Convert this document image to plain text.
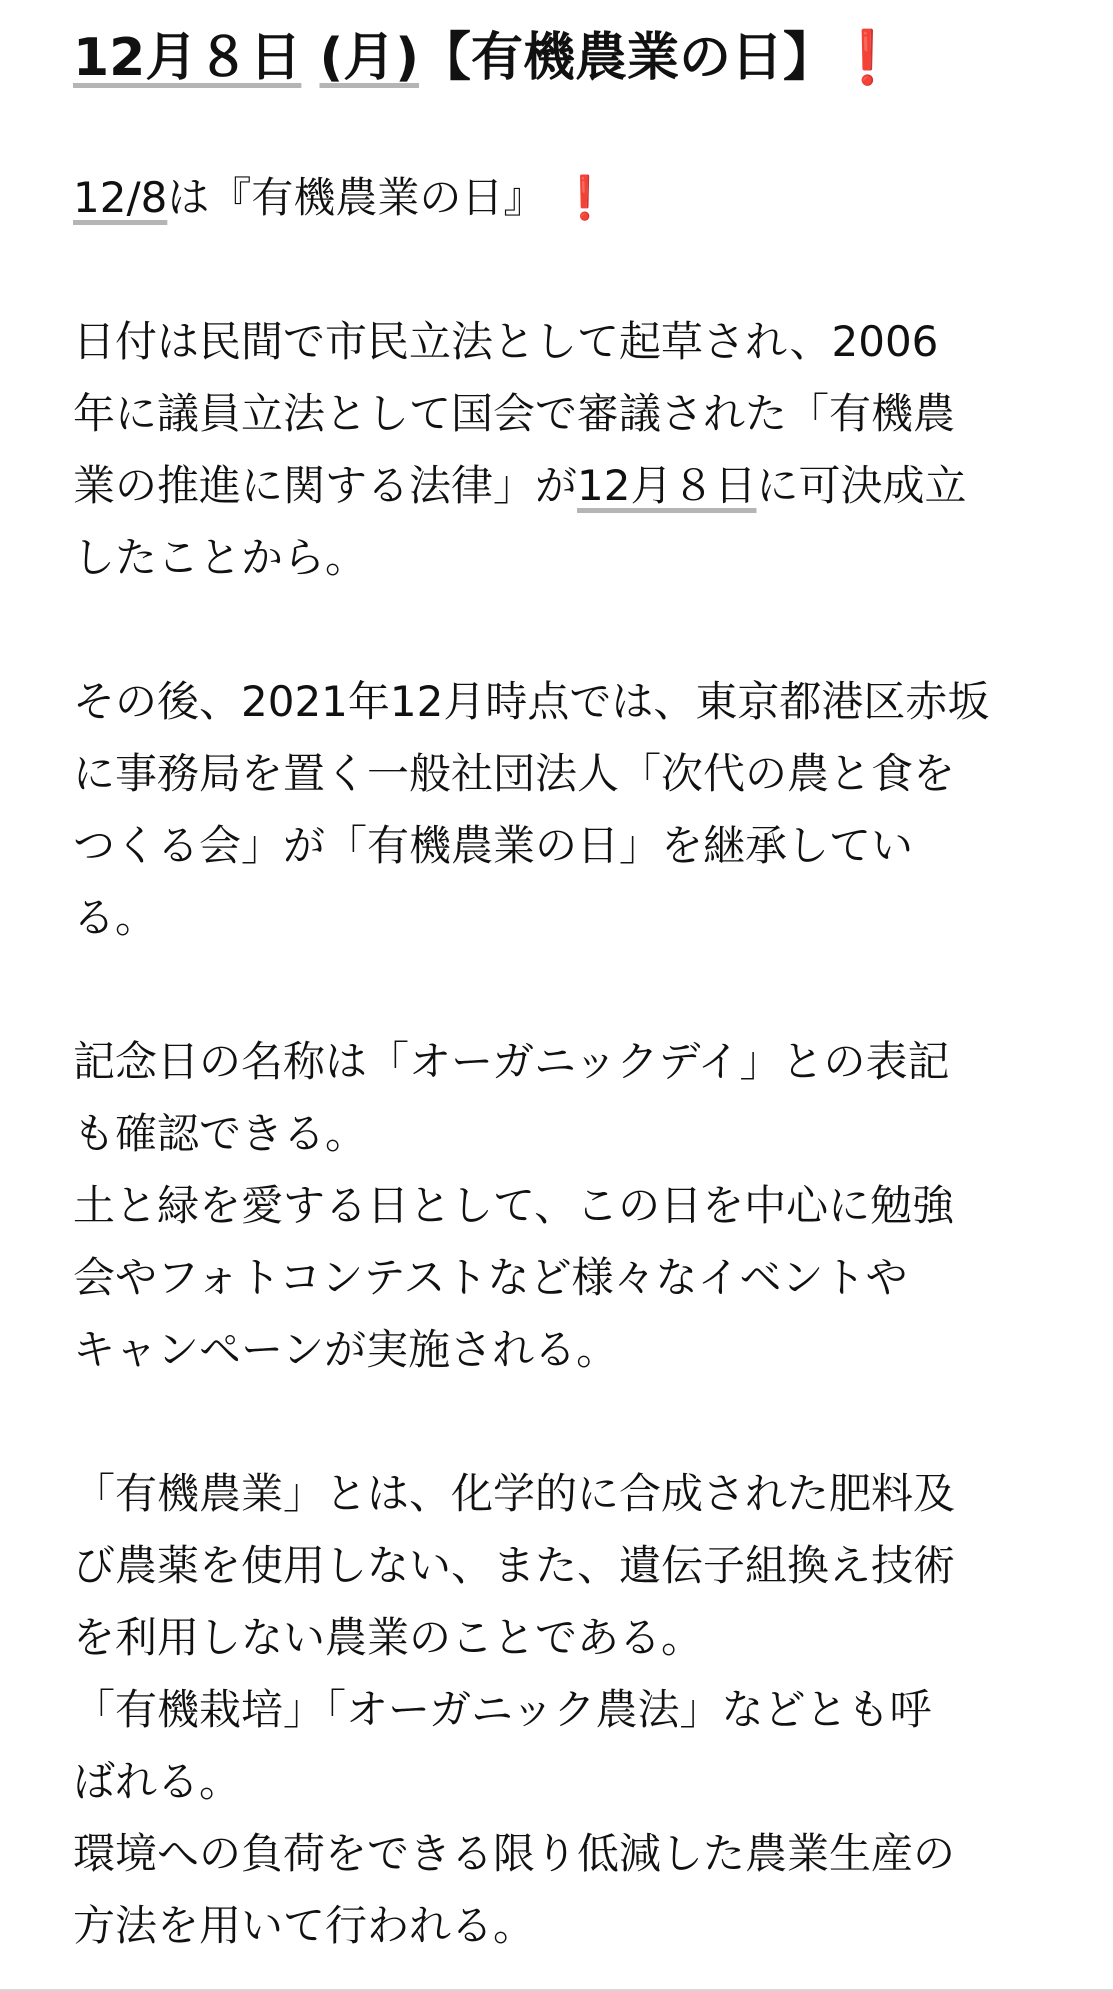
12月８日 (月)【有機農業の日】❗

12/8は『有機農業の日』 ❗

日付は民間で市民立法として起草され、2006
年に議員立法として国会で審議された「有機農
業の推進に関する法律」が12月８日に可決成立
したことから。

その後、2021年12月時点では、東京都港区赤坂
に事務局を置く一般社団法人「次代の農と食を
つくる会」が「有機農業の日」を継承してい
る。

記念日の名称は「オーガニックデイ」との表記
も確認できる。
土と緑を愛する日として、この日を中心に勉強
会やフォトコンテストなど様々なイベントや
キャンペーンが実施される。

「有機農業」とは、化学的に合成された肥料及
び農薬を使用しない、また、遺伝子組換え技術
を利用しない農業のことである。
「有機栽培」「オーガニック農法」などとも呼
ばれる。
環境への負荷をできる限り低減した農業生産の
方法を用いて行われる。
